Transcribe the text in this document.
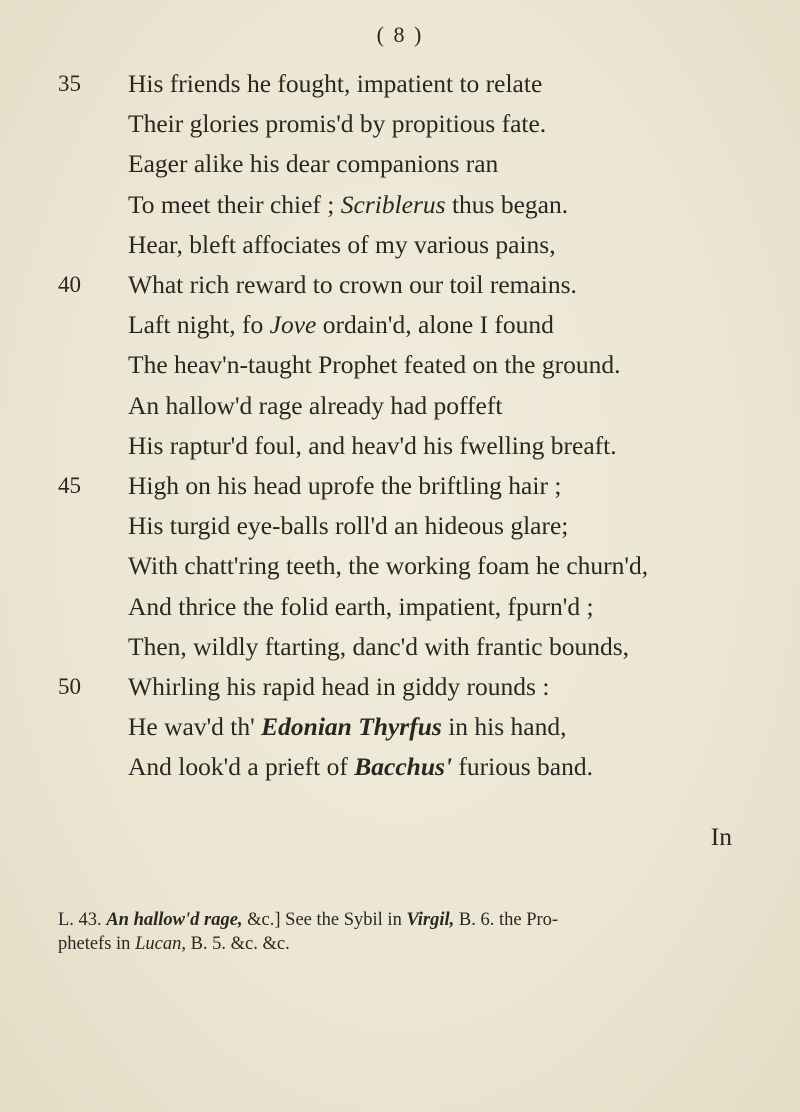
( 8 )
35 His friends he fought, impatient to relate
Their glories promis'd by propitious fate.
Eager alike his dear companions ran
To meet their chief ; Scriblerus thus began.
Hear, bleft affociates of my various pains,
40 What rich reward to crown our toil remains.
Laft night, fo Jove ordain'd, alone I found
The heav'n-taught Prophet feated on the ground.
An hallow'd rage already had poffeft
His raptur'd foul, and heav'd his fwelling breaft.
45 High on his head uprofe the briftling hair ;
His turgid eye-balls roll'd an hideous glare;
With chatt'ring teeth, the working foam he churn'd,
And thrice the folid earth, impatient, fpurn'd ;
Then, wildly ftarting, danc'd with frantic bounds,
50 Whirling his rapid head in giddy rounds :
He wav'd th' Edonian Thyrfus in his hand,
And look'd a prieft of Bacchus' furious band.
In
L. 43. An hallow'd rage, &c.] See the Sybil in Virgil, B. 6. the Pro-
phetefs in Lucan, B. 5. &c. &c.
